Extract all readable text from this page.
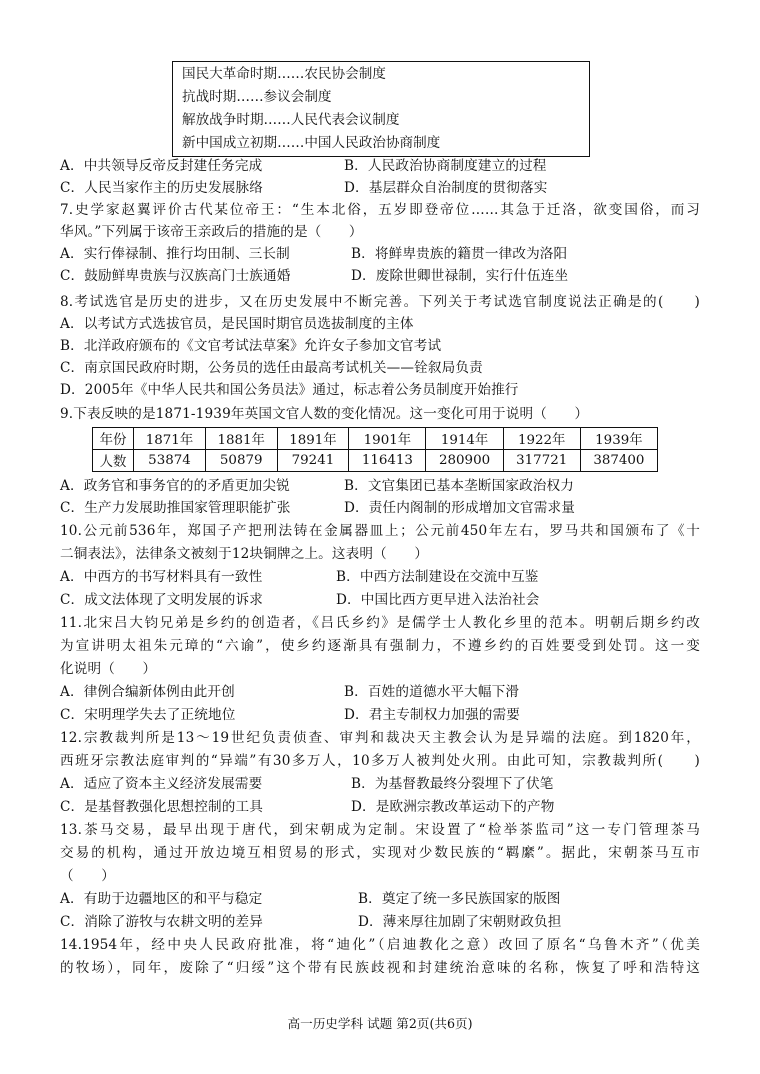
国民大革命时期……农民协会制度
抗战时期……参议会制度
解放战争时期……人民代表会议制度
新中国成立初期……中国人民政治协商制度
A．中共领导反帝反封建任务完成	B．人民政治协商制度建立的过程
C．人民当家作主的历史发展脉络	D．基层群众自治制度的贯彻落实
7.史学家赵翼评价古代某位帝王：“生本北俗，五岁即登帝位……其急于迁洛，欲变国俗，而习
华风。”下列属于该帝王亲政后的措施的是（　　）
A．实行俸禄制、推行均田制、三长制	B．将鲜卑贵族的籍贯一律改为洛阳
C．鼓励鲜卑贵族与汉族高门士族通婚	D．废除世卿世禄制，实行什伍连坐
8.考试选官是历史的进步，又在历史发展中不断完善。下列关于考试选官制度说法正确是的(　　)
A．以考试方式选拔官员，是民国时期官员选拔制度的主体
B．北洋政府颁布的《文官考试法草案》允许女子参加文官考试
C．南京国民政府时期，公务员的选任由最高考试机关——铨叙局负责
D．2005年《中华人民共和国公务员法》通过，标志着公务员制度开始推行
9.下表反映的是1871-1939年英国文官人数的变化情况。这一变化可用于说明（　　）
年份	1871年	1881年	1891年	1901年	1914年	1922年	1939年
人数	53874	50879	79241	116413	280900	317721	387400
A．政务官和事务官的的矛盾更加尖锐	B．文官集团已基本垄断国家政治权力
C．生产力发展助推国家管理职能扩张	D．责任内阁制的形成增加文官需求量
10.公元前536年，郑国子产把刑法铸在金属器皿上；公元前450年左右，罗马共和国颁布了《十
二铜表法》，法律条文被刻于12块铜牌之上。这表明（　　）
A．中西方的书写材料具有一致性	B．中西方法制建设在交流中互鉴
C．成文法体现了文明发展的诉求	D．中国比西方更早进入法治社会
11.北宋吕大钧兄弟是乡约的创造者，《吕氏乡约》是儒学士人教化乡里的范本。明朝后期乡约改
为宣讲明太祖朱元璋的“六谕”，使乡约逐渐具有强制力，不遵乡约的百姓要受到处罚。这一变
化说明（　　）
A．律例合编新体例由此开创	B．百姓的道德水平大幅下滑
C．宋明理学失去了正统地位	D．君主专制权力加强的需要
12.宗教裁判所是13～19世纪负责侦查、审判和裁决天主教会认为是异端的法庭。到1820年，
西班牙宗教法庭审判的“异端”有30多万人，10多万人被判处火刑。由此可知，宗教裁判所(　　)
A．适应了资本主义经济发展需要	B．为基督教最终分裂埋下了伏笔
C．是基督教强化思想控制的工具	D．是欧洲宗教改革运动下的产物
13.茶马交易，最早出现于唐代，到宋朝成为定制。宋设置了“检举茶监司”这一专门管理茶马
交易的机构，通过开放边境互相贸易的形式，实现对少数民族的“羁縻”。据此，宋朝茶马互市
（　　）
A．有助于边疆地区的和平与稳定	B．奠定了统一多民族国家的版图
C．消除了游牧与农耕文明的差异	D．薄来厚往加剧了宋朝财政负担
14.1954年，经中央人民政府批准，将“迪化”（启迪教化之意）改回了原名“乌鲁木齐”（优美
的牧场），同年，废除了“归绥”这个带有民族歧视和封建统治意味的名称，恢复了呼和浩特这
高一历史学科 试题 第2页(共6页)
